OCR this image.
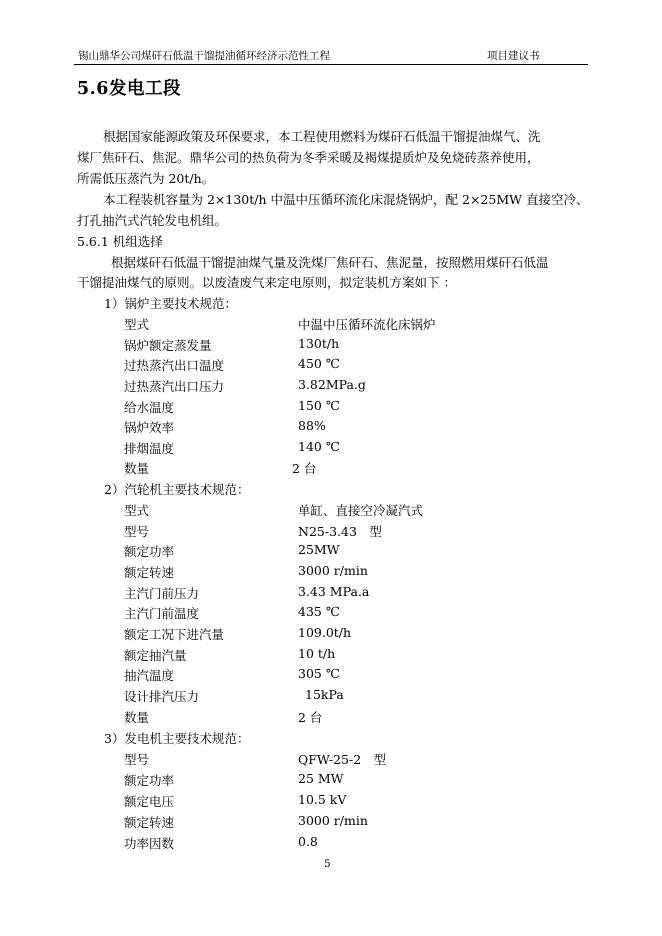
锡山鼎华公司煤矸石低温干馏提油循环经济示范性工程	项目建议书
5.6发电工段
根据国家能源政策及环保要求，本工程使用燃料为煤矸石低温干馏提油煤气、洗
煤厂焦矸石、焦泥。鼎华公司的热负荷为冬季采暖及褐煤提质炉及免烧砖蒸养使用，
所需低压蒸汽为 20t/h。
本工程装机容量为 2×130t/h 中温中压循环流化床混烧锅炉，配 2×25MW 直接空冷、
打孔抽汽式汽轮发电机组。
5.6.1 机组选择
根据煤矸石低温干馏提油煤气量及洗煤厂焦矸石、焦泥量，按照燃用煤矸石低温
干馏提油煤气的原则。以废渣废气来定电原则，拟定装机方案如下 ：
1）锅炉主要技术规范：
型式	中温中压循环流化床锅炉
锅炉额定蒸发量	130t/h
过热蒸汽出口温度	450 ℃
过热蒸汽出口压力	3.82MPa.g
给水温度	150 ℃
锅炉效率	88%
排烟温度	140 ℃
数量	2 台
2）汽轮机主要技术规范：
型式	单缸、直接空冷凝汽式
型号	N25-3.43　型
额定功率	25MW
额定转速	3000 r/min
主汽门前压力	3.43 MPa.a
主汽门前温度	435 ℃
额定工况下进汽量	109.0t/h
额定抽汽量	10 t/h
抽汽温度	305 ℃
设计排汽压力	15kPa
数量	2 台
3）发电机主要技术规范：
型号	QFW-25-2　型
额定功率	25 MW
额定电压	10.5 kV
额定转速	3000 r/min
功率因数	0.8
5
